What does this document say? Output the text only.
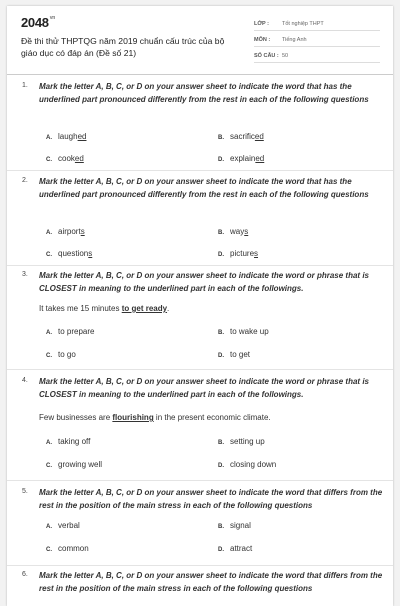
$2048^{vn}$
Đề thi thử THPTQG năm 2019 chuẩn cấu trúc của bộ giáo dục có đáp án (Đề số 21)
LỚP :	Tốt nghiệp THPT
MÔN :	Tiếng Anh
SỐ CÂU : 50
1. Mark the letter A, B, C, or D on your answer sheet to indicate the word that has the underlined part pronounced differently from the rest in each of the following questions
A. laughed	B. sacrificed
C. cooked	D. explained
2. Mark the letter A, B, C, or D on your answer sheet to indicate the word that has the underlined part pronounced differently from the rest in each of the following questions
A. airports	B. ways
C. questions	D. pictures
3. Mark the letter A, B, C, or D on your answer sheet to indicate the word or phrase that is CLOSEST in meaning to the underlined part in each of the followings.
It takes me 15 minutes to get ready.
A. to prepare	B. to wake up
C. to go	D. to get
4. Mark the letter A, B, C, or D on your answer sheet to indicate the word or phrase that is CLOSEST in meaning to the underlined part in each of the followings.
Few businesses are flourishing in the present economic climate.
A. taking off	B. setting up
C. growing well	D. closing down
5. Mark the letter A, B, C, or D on your answer sheet to indicate the word that differs from the rest in the position of the main stress in each of the following questions
A. verbal	B. signal
C. common	D. attract
6. Mark the letter A, B, C, or D on your answer sheet to indicate the word that differs from the rest in the position of the main stress in each of the following questions
